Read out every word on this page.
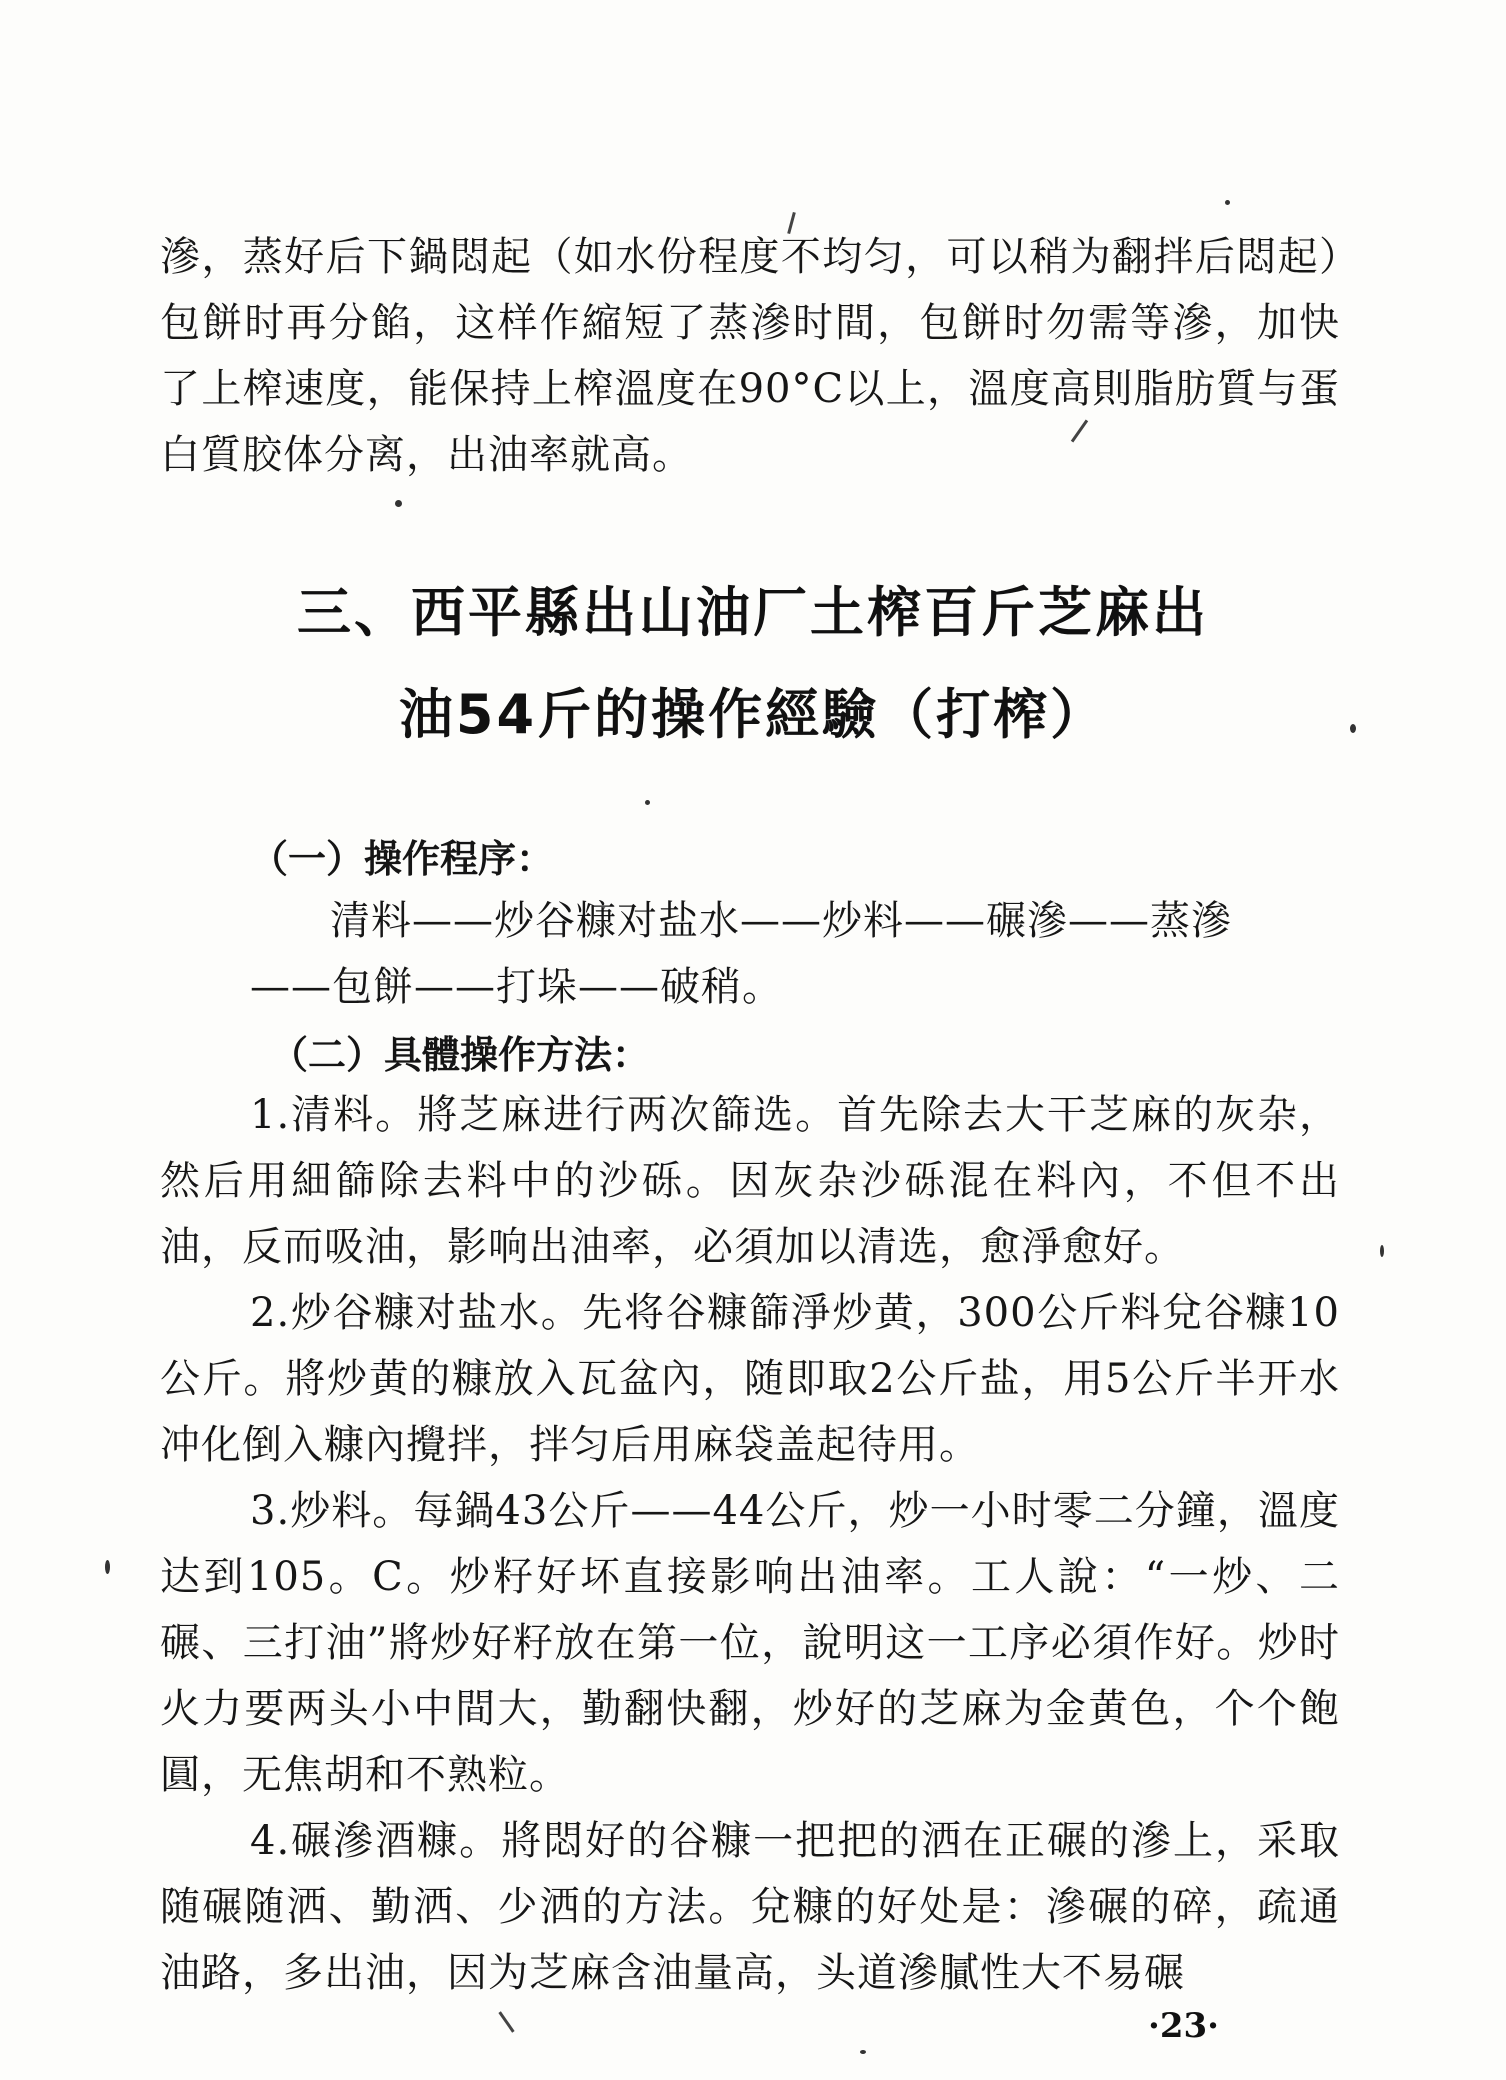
滲，蒸好后下鍋悶起（如水份程度不均匀，可以稍为翻拌后悶起）包餅时再分餡，这样作縮短了蒸滲时間，包餅时勿需等滲，加快了上榨速度，能保持上榨溫度在90°C以上，溫度高則脂肪質与蛋白質胶体分离，出油率就高。

三、西平縣出山油厂土榨百斤芝麻出
油54斤的操作經驗（打榨）
（一）操作程序：
清料——炒谷糠对盐水——炒料——碾滲——蒸滲
——包餅——打垛——破稍。
（二）具體操作方法：

1.清料。將芝麻进行两次篩选。首先除去大干芝麻的灰杂，然后用細篩除去料中的沙砾。因灰杂沙砾混在料內，不但不出油，反而吸油，影响出油率，必須加以清选，愈淨愈好。

2.炒谷糠对盐水。先将谷糠篩淨炒黄，300公斤料兌谷糠10公斤。將炒黄的糠放入瓦盆內，随即取2公斤盐，用5公斤半开水冲化倒入糠內攪拌，拌匀后用麻袋盖起待用。

3.炒料。每鍋43公斤——44公斤，炒一小时零二分鐘，溫度达到105。C。炒籽好坏直接影响出油率。工人說：“一炒、二碾、三打油”將炒好籽放在第一位，說明这一工序必須作好。炒时火力要两头小中間大，勤翻快翻，炒好的芝麻为金黄色，个个飽圓，无焦胡和不熟粒。

4.碾滲酒糠。將悶好的谷糠一把把的洒在正碾的滲上，采取随碾随洒、勤洒、少洒的方法。兌糠的好处是：滲碾的碎，疏通油路，多出油，因为芝麻含油量高，头道滲膩性大不易碾

·23·
